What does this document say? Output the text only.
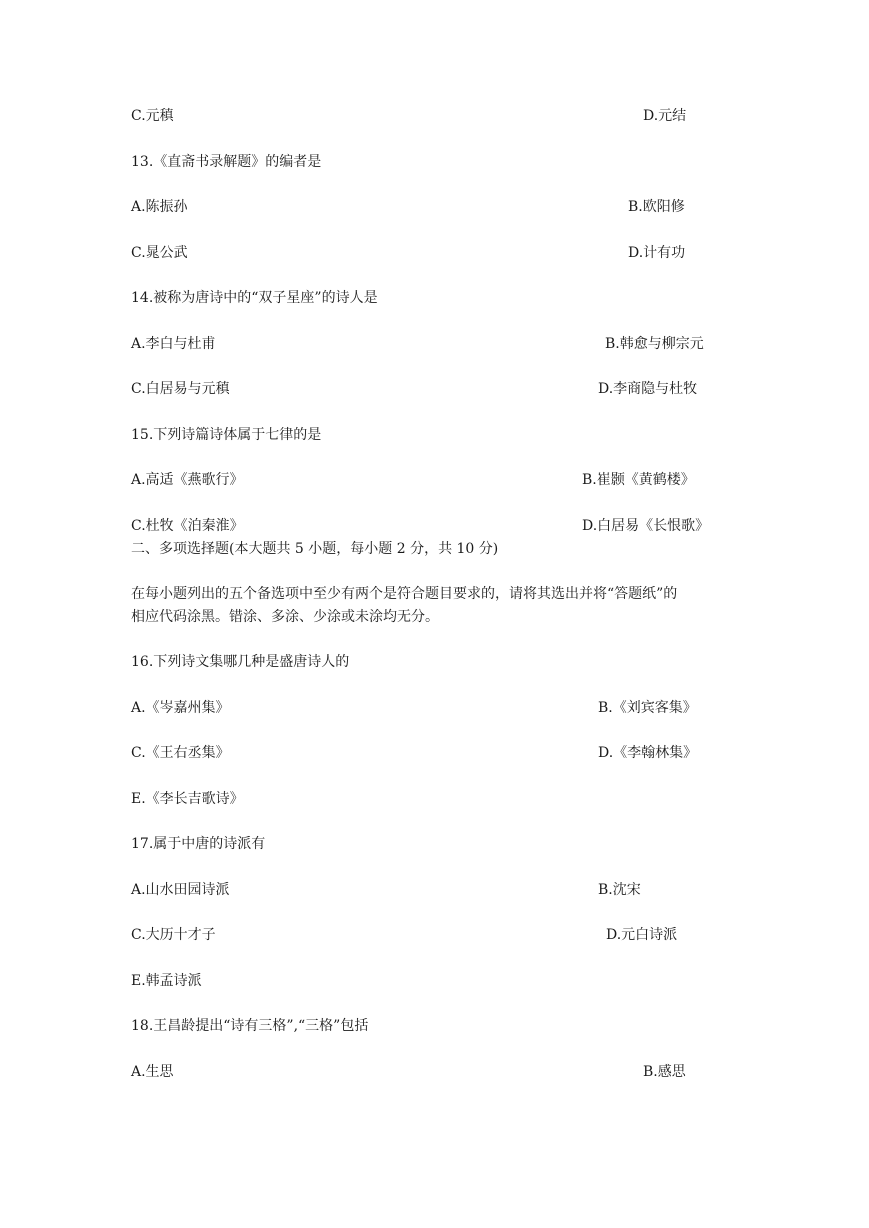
C.元稹	D.元结
13.《直斋书录解题》的编者是
A.陈振孙	B.欧阳修
C.晁公武	D.计有功
14.被称为唐诗中的“双子星座”的诗人是
A.李白与杜甫	B.韩愈与柳宗元
C.白居易与元稹	D.李商隐与杜牧
15.下列诗篇诗体属于七律的是
A.高适《燕歌行》	B.崔颢《黄鹤楼》
C.杜牧《泊秦淮》	D.白居易《长恨歌》
二、多项选择题(本大题共 5 小题，每小题 2 分，共 10 分)
在每小题列出的五个备选项中至少有两个是符合题目要求的，请将其选出并将“答题纸”的
相应代码涂黑。错涂、多涂、少涂或未涂均无分。
16.下列诗文集哪几种是盛唐诗人的
A.《岑嘉州集》	B.《刘宾客集》
C.《王右丞集》	D.《李翰林集》
E.《李长吉歌诗》
17.属于中唐的诗派有
A.山水田园诗派	B.沈宋
C.大历十才子	D.元白诗派
E.韩孟诗派
18.王昌龄提出“诗有三格”,“三格”包括
A.生思	B.感思
